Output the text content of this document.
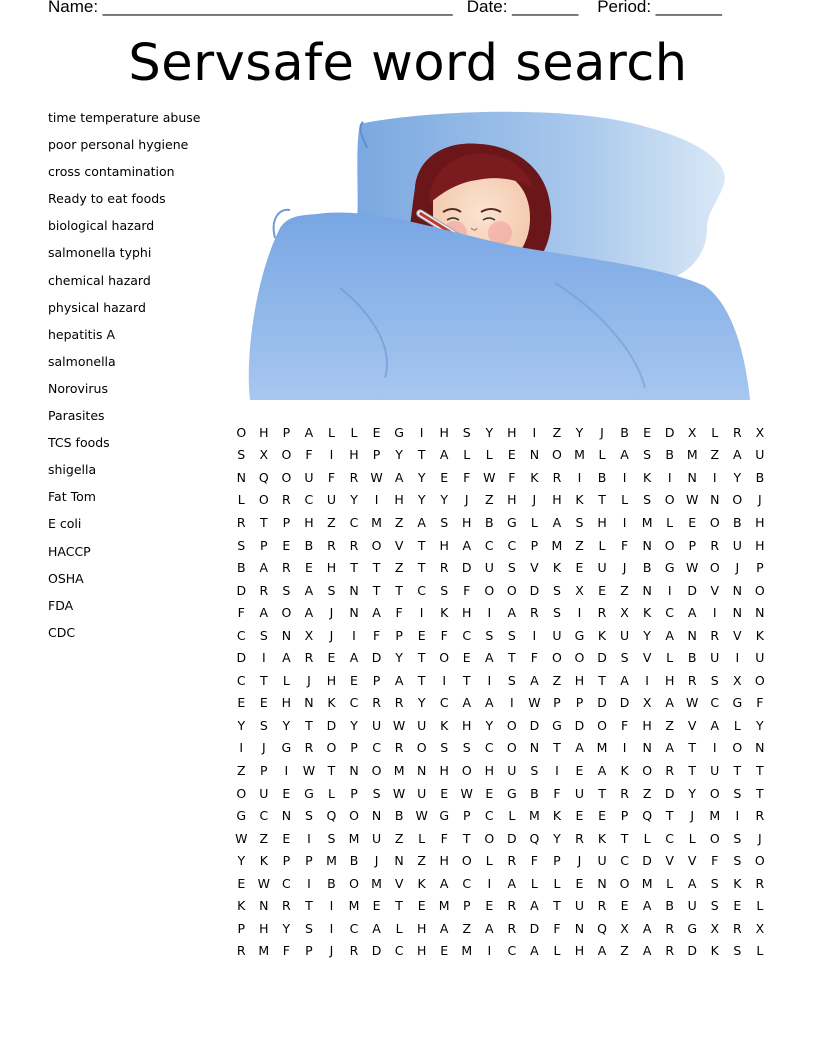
Name: _____________________________________   Date: _______    Period: _______
Servsafe word search
time temperature abuse
poor personal hygiene
cross contamination
Ready to eat foods
biological hazard
salmonella typhi
chemical hazard
physical hazard
hepatitis A
salmonella
Norovirus
Parasites
TCS foods
shigella
Fat Tom
E coli
HACCP
OSHA
FDA
CDC
O	H	P	A	L	L	E	G	I	H	S	Y	H	I	Z	Y	J	B	E	D	X	L	R	X
S	X	O	F	I	H	P	Y	T	A	L	L	E	N	O M	L	A	S	B	M	Z	A	U
N	Q	O	U	F	R W A	Y	E	F	W	F	K	R	I	B	I	K	I	N	I	Y	B
L	O	R	C	U	Y	I	H	Y	Y	J	Z	H	J	H	K	T	L	S	O W N	O	J
R	T	P	H	Z	C	M	Z	A	S	H	B	G	L	A	S	H	I	M	L	E	O	B	H
S	P	E	B	R	R	O	V	T	H	A	C	C	P	M	Z	L	F	N	O	P	R	U	H
B	A	R	E	H	T	T	Z	T	R	D	U	S	V	K	E	U	J	B	G W O	J	P
D	R	S	A	S	N	T	T	C	S	F	O	O	D	S	X	E	Z	N	I	D	V	N	O
F	A	O	A	J	N	A	F	I	K	H	I	A	R	S	I	R	X	K	C	A	I	N	N
C	S	N	X	J	I	F	P	E	F	C	S	S	I	U	G	K	U	Y	A	N	R	V	K
D	I	A	R	E	A	D	Y	T	O	E	A	T	F	O	O	D	S	V	L	B	U	I	U
C	T	L	J	H	E	P	A	T	I	T	I	S	A	Z	H	T	A	I	H	R	S	X	O
E	E	H	N	K	C	R	R	Y	C	A	A	I	W	P	P	D	D	X	A W C	G	F
Y	S	Y	T	D	Y	U W U	K	H	Y	O	D	G	D	O	F	H	Z	V	A	L	Y
I	J	G	R	O	P	C	R	O	S	S	C	O	N	T	A	M	I	N	A	T	I	O	N
Z	P	I	W	T	N	O M N	H	O	H	U	S	I	E	A	K	O	R	T	U	T	T
O	U	E	G	L	P	S W U	E W E	G	B	F	U	T	R	Z	D	Y	O	S	T
G	C	N	S	Q	O	N	B W G	P	C	L	M	K	E	E	P	Q	T	J	M	I	R
W Z	E	I	S	M	U	Z	L	F	T	O	D	Q	Y	R	K	T	L	C	L	O	S	J
Y	K	P	P	M	B	J	N	Z	H	O	L	R	F	P	J	U	C	D	V	V	F	S	O
E W C	I	B	O M	V	K	A	C	I	A	L	L	E	N	O M	L	A	S	K	R
K	N	R	T	I	M	E	T	E	M	P	E	R	A	T	U	R	E	A	B	U	S	E	L
P	H	Y	S	I	C	A	L	H	A	Z	A	R	D	F	N	Q	X	A	R	G	X	R	X
R	M	F	P	J	R	D	C	H	E	M	I	C	A	L	H	A	Z	A	R	D	K	S	L
